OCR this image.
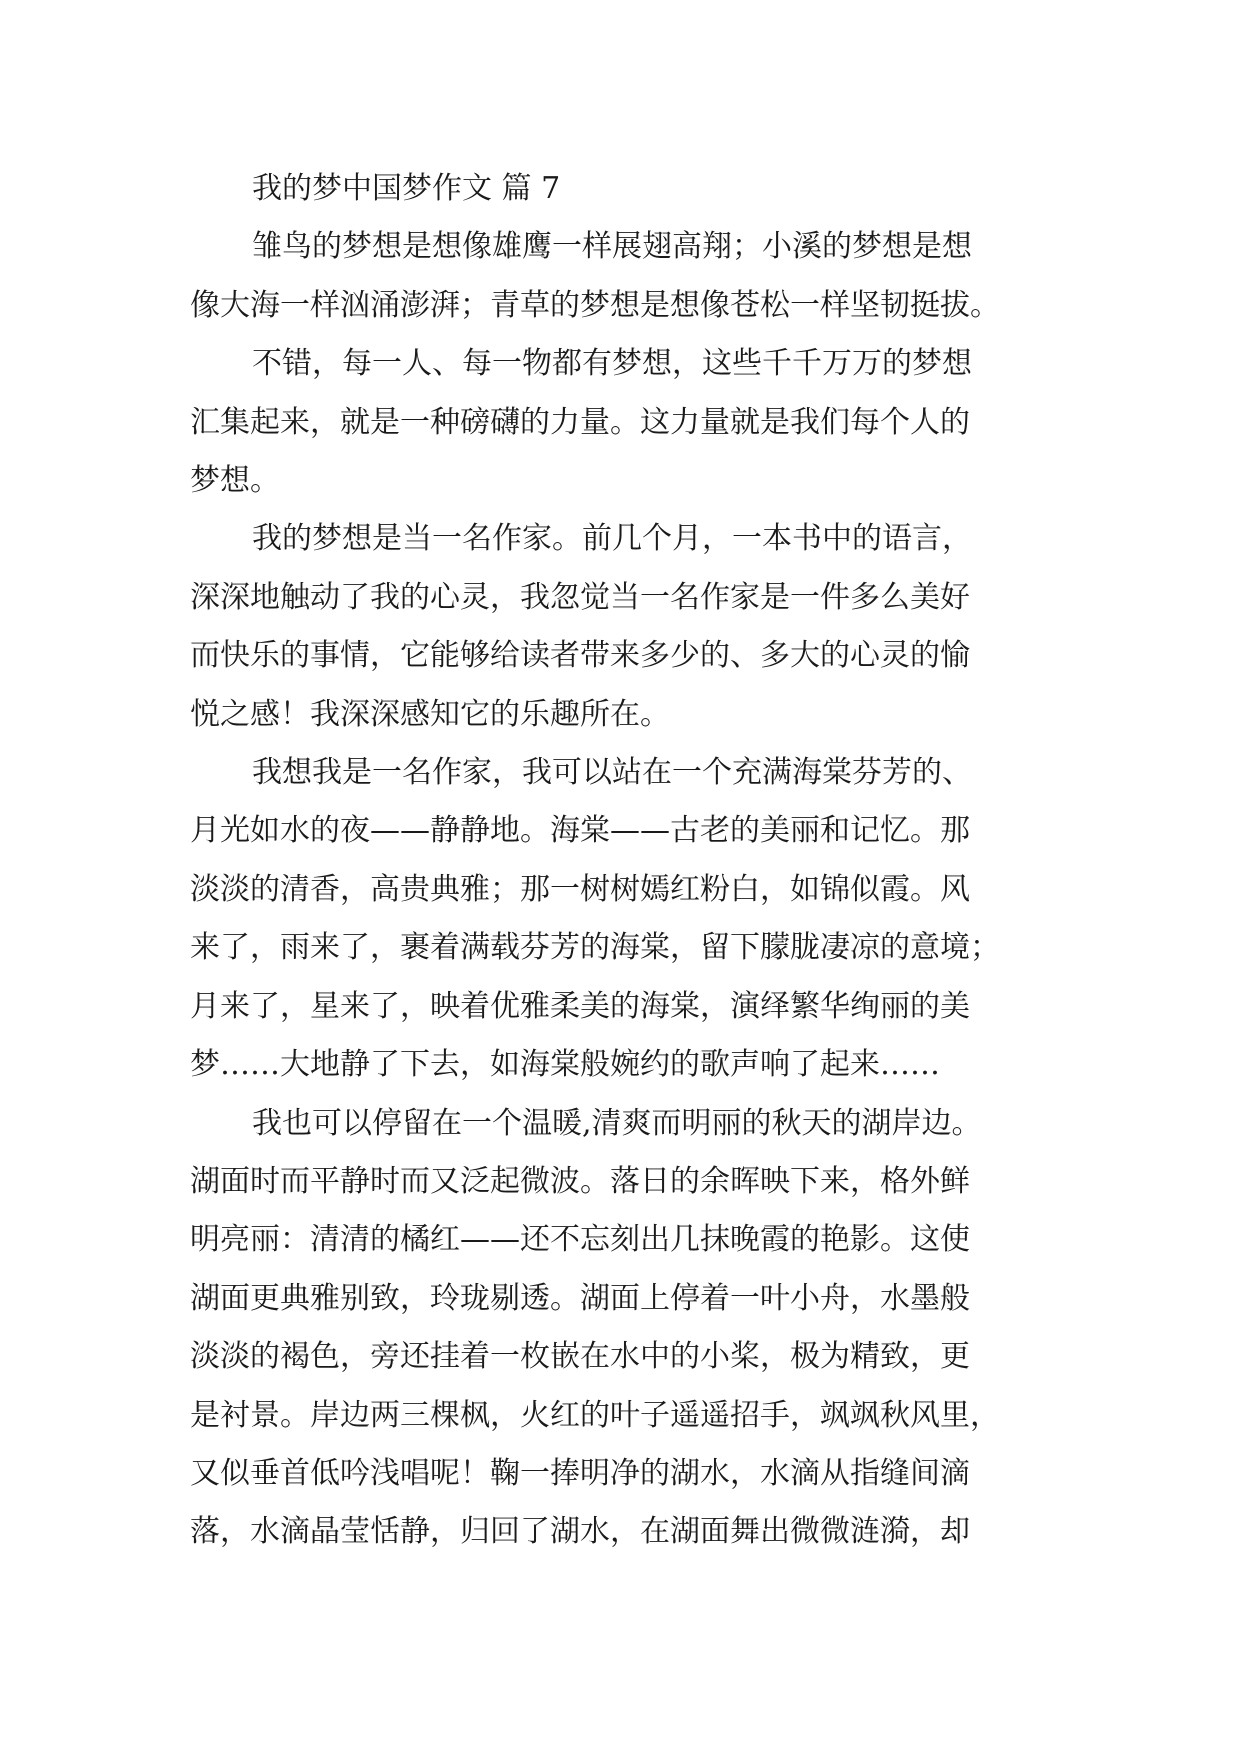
我的梦中国梦作文 篇 7
雏鸟的梦想是想像雄鹰一样展翅高翔；小溪的梦想是想
像大海一样汹涌澎湃；青草的梦想是想像苍松一样坚韧挺拔。
不错，每一人、每一物都有梦想，这些千千万万的梦想
汇集起来，就是一种磅礴的力量。这力量就是我们每个人的
梦想。
我的梦想是当一名作家。前几个月，一本书中的语言，
深深地触动了我的心灵，我忽觉当一名作家是一件多么美好
而快乐的事情，它能够给读者带来多少的、多大的心灵的愉
悦之感！我深深感知它的乐趣所在。
我想我是一名作家，我可以站在一个充满海棠芬芳的、
月光如水的夜——静静地。海棠——古老的美丽和记忆。那
淡淡的清香，高贵典雅；那一树树嫣红粉白，如锦似霞。风
来了，雨来了，裹着满载芬芳的海棠，留下朦胧凄凉的意境；
月来了，星来了，映着优雅柔美的海棠，演绎繁华绚丽的美
梦……大地静了下去，如海棠般婉约的歌声响了起来……
我也可以停留在一个温暖,清爽而明丽的秋天的湖岸边。
湖面时而平静时而又泛起微波。落日的余晖映下来，格外鲜
明亮丽：清清的橘红——还不忘刻出几抹晚霞的艳影。这使
湖面更典雅别致，玲珑剔透。湖面上停着一叶小舟，水墨般
淡淡的褐色，旁还挂着一枚嵌在水中的小桨，极为精致，更
是衬景。岸边两三棵枫，火红的叶子遥遥招手，飒飒秋风里，
又似垂首低吟浅唱呢！鞠一捧明净的湖水，水滴从指缝间滴
落，水滴晶莹恬静，归回了湖水，在湖面舞出微微涟漪，却
